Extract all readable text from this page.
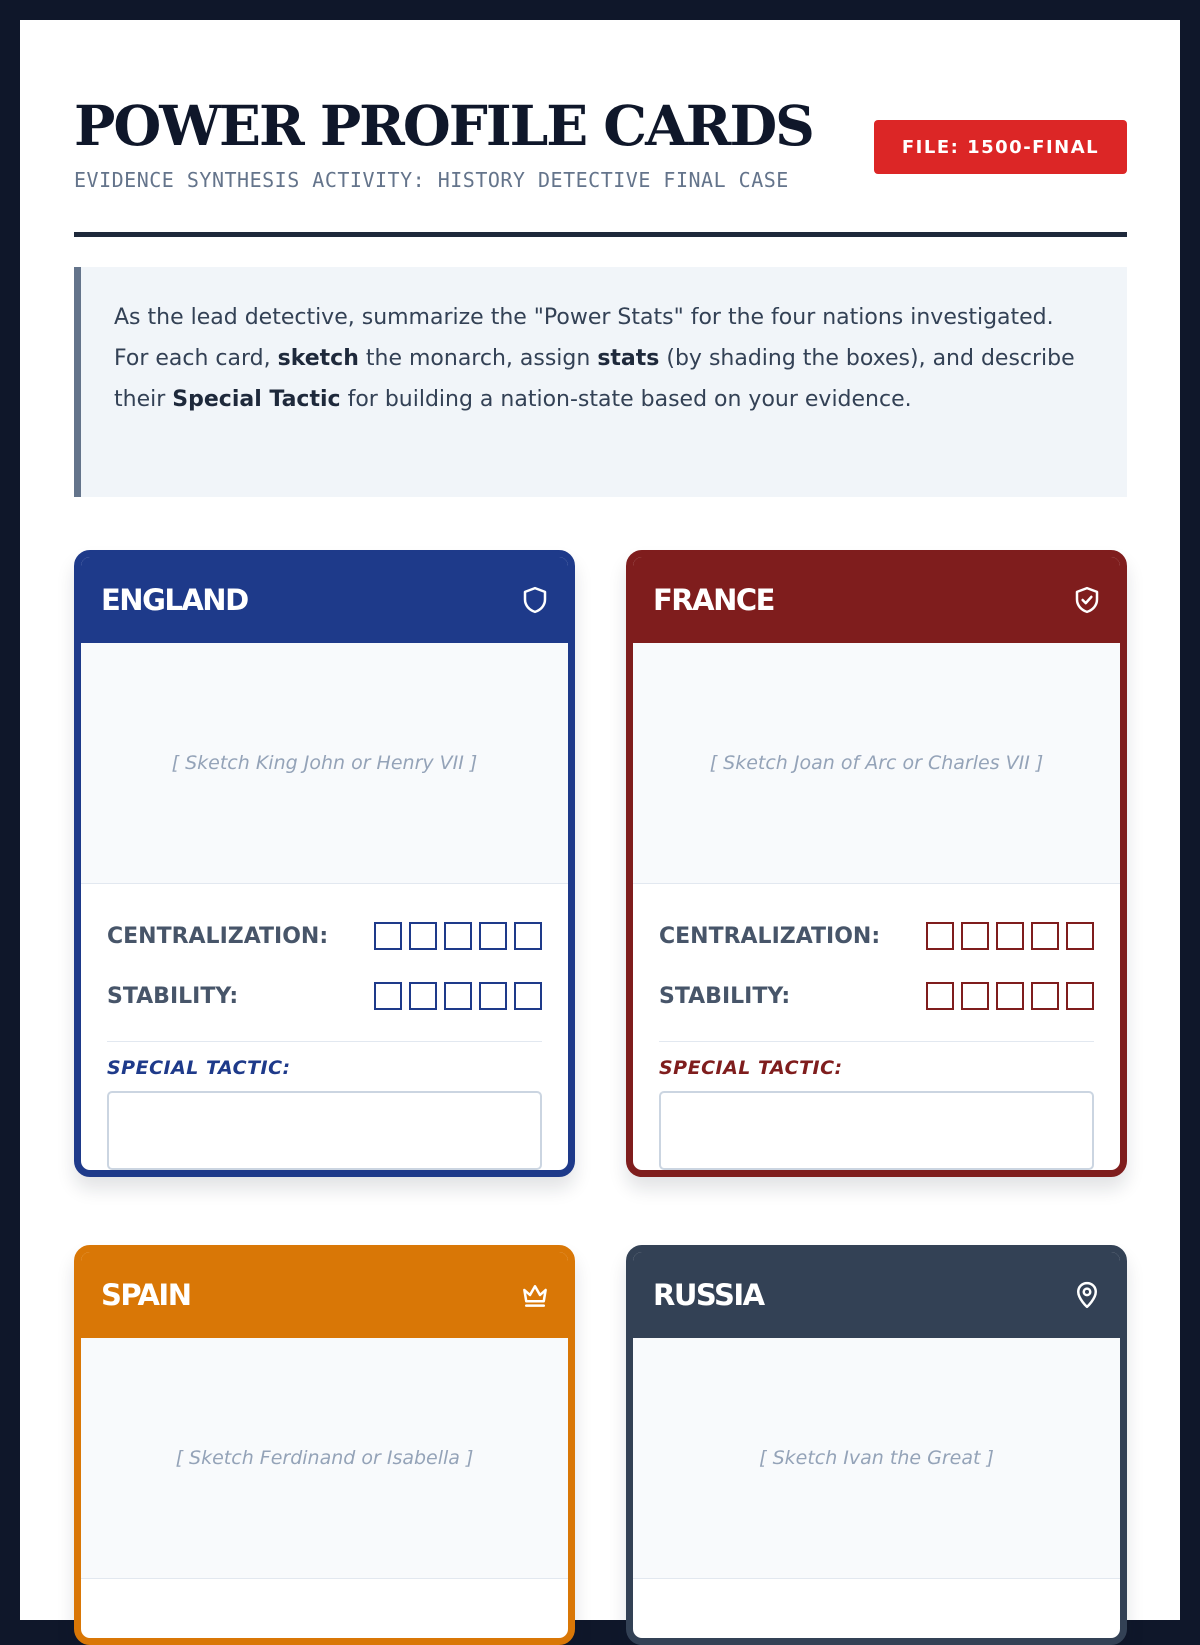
POWER PROFILE CARDS
EVIDENCE SYNTHESIS ACTIVITY: HISTORY DETECTIVE FINAL CASE
FILE: 1500-FINAL
As the lead detective, summarize the "Power Stats" for the four nations investigated. For each card, sketch the monarch, assign stats (by shading the boxes), and describe their Special Tactic for building a nation-state based on your evidence.
ENGLAND
[ Sketch King John or Henry VII ]
CENTRALIZATION:
STABILITY:
SPECIAL TACTIC:
FRANCE
[ Sketch Joan of Arc or Charles VII ]
CENTRALIZATION:
STABILITY:
SPECIAL TACTIC:
SPAIN
[ Sketch Ferdinand or Isabella ]
RUSSIA
[ Sketch Ivan the Great ]
